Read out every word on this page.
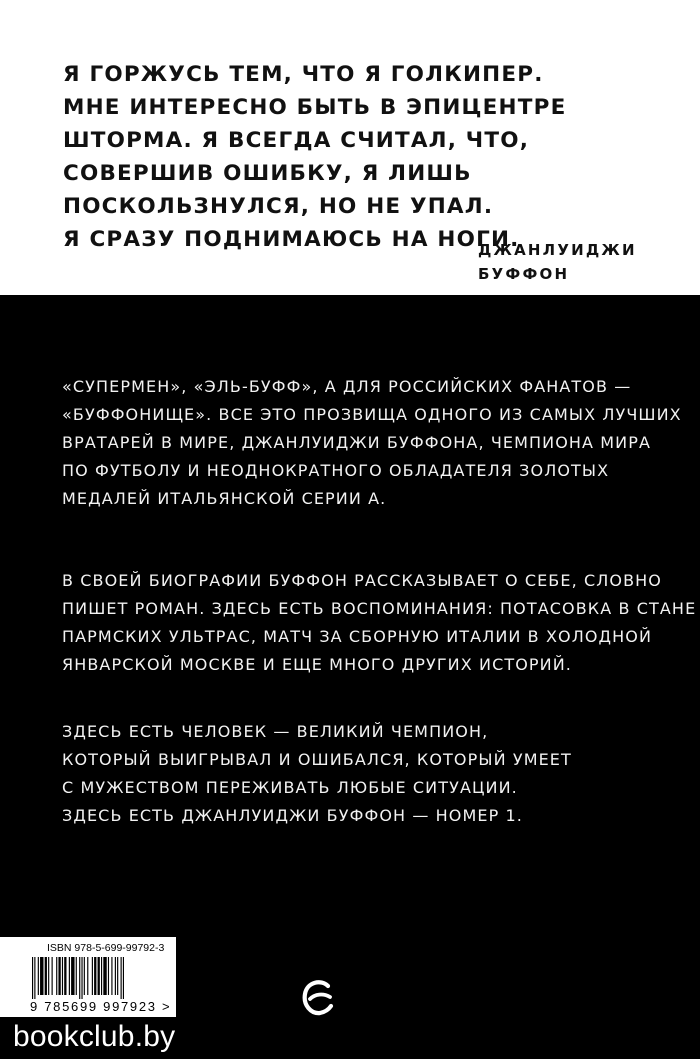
Я ГОРЖУСЬ ТЕМ, ЧТО Я ГОЛКИПЕР.
МНЕ ИНТЕРЕСНО БЫТЬ В ЭПИЦЕНТРЕ
ШТОРМА. Я ВСЕГДА СЧИТАЛ, ЧТО,
СОВЕРШИВ ОШИБКУ, Я ЛИШЬ
ПОСКОЛЬЗНУЛСЯ, НО НЕ УПАЛ.
Я СРАЗУ ПОДНИМАЮСЬ НА НОГИ.
ДЖАНЛУИДЖИ
БУФФОН
«СУПЕРМЕН», «ЭЛЬ-БУФФ», А ДЛЯ РОССИЙСКИХ ФАНАТОВ —
«БУФФОНИЩЕ». ВСЕ ЭТО ПРОЗВИЩА ОДНОГО ИЗ САМЫХ ЛУЧШИХ
ВРАТАРЕЙ В МИРЕ, ДЖАНЛУИДЖИ БУФФОНА, ЧЕМПИОНА МИРА
ПО ФУТБОЛУ И НЕОДНОКРАТНОГО ОБЛАДАТЕЛЯ ЗОЛОТЫХ
МЕДАЛЕЙ ИТАЛЬЯНСКОЙ СЕРИИ А.
В СВОЕЙ БИОГРАФИИ БУФФОН РАССКАЗЫВАЕТ О СЕБЕ, СЛОВНО
ПИШЕТ РОМАН. ЗДЕСЬ ЕСТЬ ВОСПОМИНАНИЯ: ПОТАСОВКА В СТАНЕ
ПАРМСКИХ УЛЬТРАС, МАТЧ ЗА СБОРНУЮ ИТАЛИИ В ХОЛОДНОЙ
ЯНВАРСКОЙ МОСКВЕ И ЕЩЕ МНОГО ДРУГИХ ИСТОРИЙ.
ЗДЕСЬ ЕСТЬ ЧЕЛОВЕК — ВЕЛИКИЙ ЧЕМПИОН,
КОТОРЫЙ ВЫИГРЫВАЛ И ОШИБАЛСЯ, КОТОРЫЙ УМЕЕТ
С МУЖЕСТВОМ ПЕРЕЖИВАТЬ ЛЮБЫЕ СИТУАЦИИ.
ЗДЕСЬ ЕСТЬ ДЖАНЛУИДЖИ БУФФОН — НОМЕР 1.
ISBN 978-5-699-99792-3
9 785699 997923 >
bookclub.by
